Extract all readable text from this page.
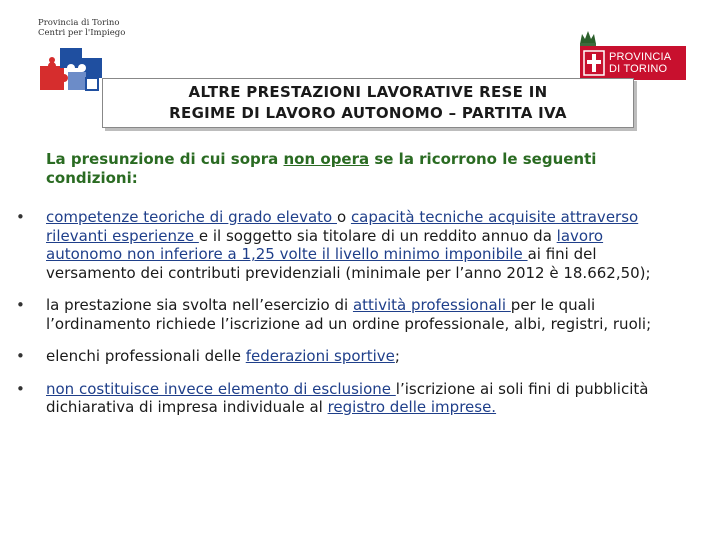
Provincia di Torino
Centri per l'Impiego
PROVINCIA
DI TORINO
ALTRE PRESTAZIONI LAVORATIVE RESE IN
REGIME DI LAVORO AUTONOMO – PARTITA IVA
La presunzione di cui sopra non opera se la ricorrono le seguenti condizioni:
• competenze teoriche di grado elevato o capacità tecniche acquisite attraverso rilevanti esperienze e il soggetto sia titolare di un reddito annuo da lavoro autonomo non inferiore a 1,25 volte il livello minimo imponibile ai fini del versamento dei contributi previdenziali (minimale per l’anno 2012 è 18.662,50);
• la prestazione sia svolta nell’esercizio di attività professionali per le quali l’ordinamento richiede l’iscrizione ad un ordine professionale, albi, registri, ruoli;
• elenchi professionali delle federazioni sportive;
• non costituisce invece elemento di esclusione l’iscrizione ai soli fini di pubblicità dichiarativa di impresa individuale al registro delle imprese.
